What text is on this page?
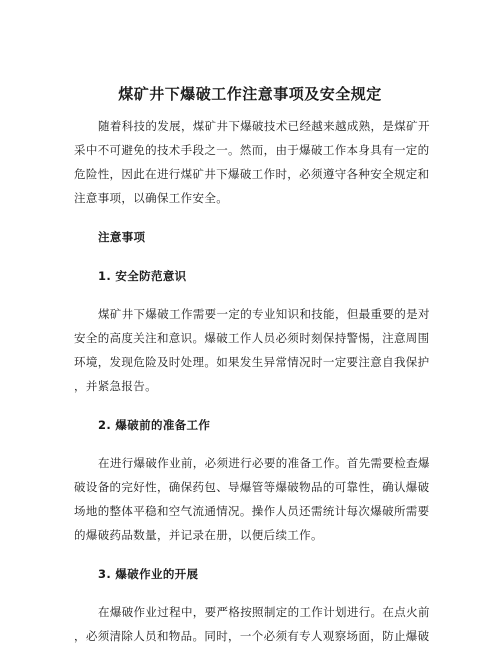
煤矿井下爆破工作注意事项及安全规定
随着科技的发展，煤矿井下爆破技术已经越来越成熟，是煤矿开
采中不可避免的技术手段之一。然而，由于爆破工作本身具有一定的
危险性，因此在进行煤矿井下爆破工作时，必须遵守各种安全规定和
注意事项，以确保工作安全。
注意事项
1. 安全防范意识
煤矿井下爆破工作需要一定的专业知识和技能，但最重要的是对
安全的高度关注和意识。爆破工作人员必须时刻保持警惕，注意周围
环境，发现危险及时处理。如果发生异常情况时一定要注意自我保护
，并紧急报告。
2. 爆破前的准备工作
在进行爆破作业前，必须进行必要的准备工作。首先需要检查爆
破设备的完好性，确保药包、导爆管等爆破物品的可靠性，确认爆破
场地的整体平稳和空气流通情况。操作人员还需统计每次爆破所需要
的爆破药品数量，并记录在册，以便后续工作。
3. 爆破作业的开展
在爆破作业过程中，要严格按照制定的工作计划进行。在点火前
，必须清除人员和物品。同时，一个必须有专人观察场面，防止爆破
